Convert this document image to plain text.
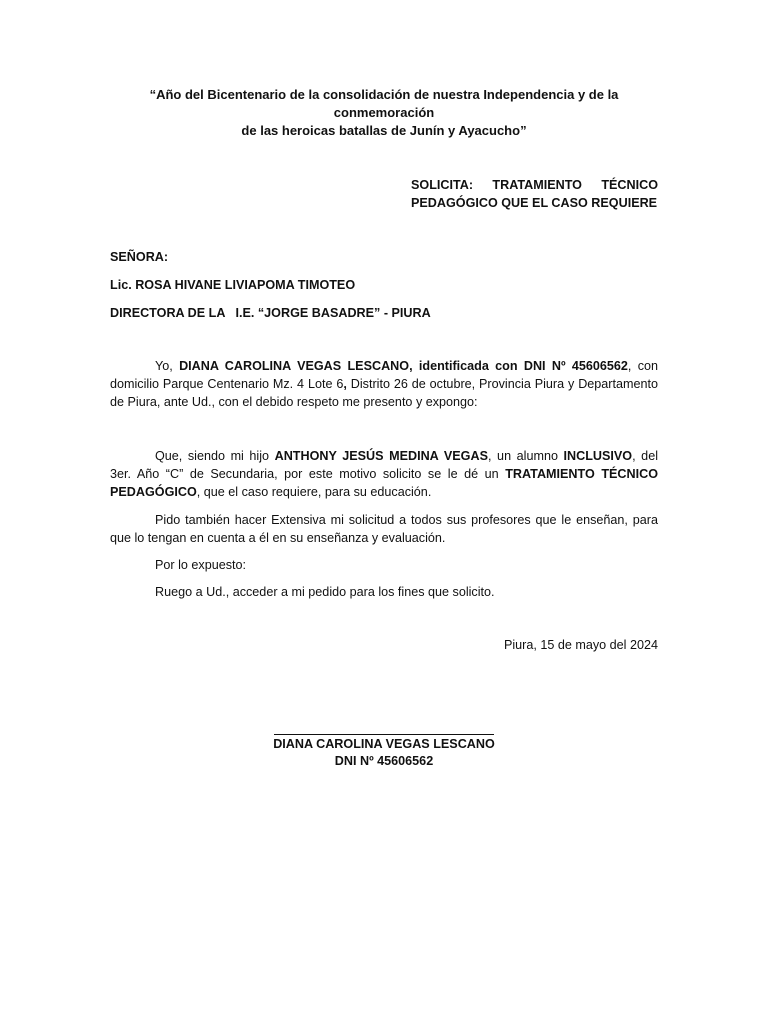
“Año del Bicentenario de la consolidación de nuestra Independencia y de la conmemoración
de las heroicas batallas de Junín y Ayacucho”
SOLICITA: TRATAMIENTO TÉCNICO
PEDAGÓGICO QUE EL CASO REQUIERE
SEÑORA:
Lic. ROSA HIVANE LIVIAPOMA TIMOTEO
DIRECTORA DE LA   I.E. “JORGE BASADRE” - PIURA
Yo, DIANA CAROLINA VEGAS LESCANO, identificada con DNI Nº 45606562, con domicilio Parque Centenario Mz. 4 Lote 6, Distrito 26 de octubre, Provincia Piura y Departamento de Piura, ante Ud., con el debido respeto me presento y expongo:
Que, siendo mi hijo ANTHONY JESÚS MEDINA VEGAS, un alumno INCLUSIVO, del 3er. Año “C” de Secundaria, por este motivo solicito se le dé un TRATAMIENTO TÉCNICO PEDAGÓGICO, que el caso requiere, para su educación.
Pido también hacer Extensiva mi solicitud a todos sus profesores que le enseñan, para que lo tengan en cuenta a él en su enseñanza y evaluación.
Por lo expuesto:
Ruego a Ud., acceder a mi pedido para los fines que solicito.
Piura, 15 de mayo del 2024
DIANA CAROLINA VEGAS LESCANO
DNI Nº 45606562
